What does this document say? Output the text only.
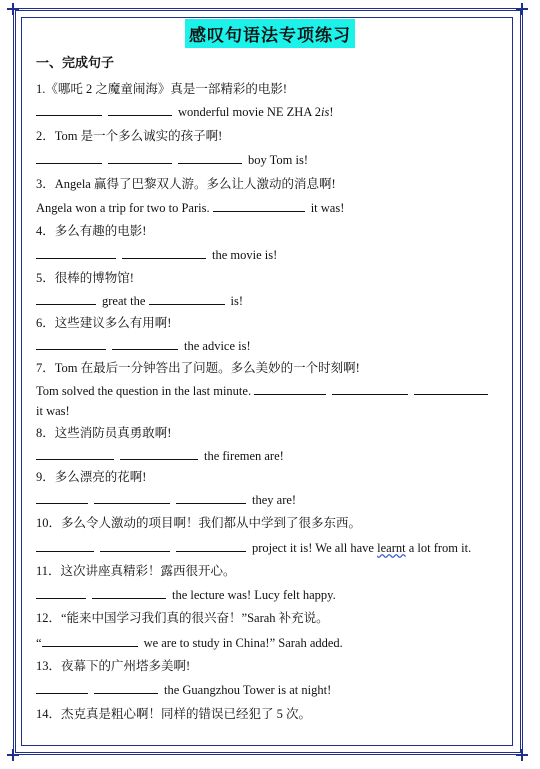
感叹句语法专项练习
一、完成句子
1.《哪吒 2 之魔童闹海》真是一部精彩的电影!
wonderful movie NE ZHA 2is!
2．Tom 是一个多么诚实的孩子啊!
boy Tom is!
3．Angela 赢得了巴黎双人游。多么让人激动的消息啊!
Angela won a trip for two to Paris.	it was!
4．多么有趣的电影!
the movie is!
5．很棒的博物馆!
great the	is!
6．这些建议多么有用啊!
the advice is!
7．Tom 在最后一分钟答出了问题。多么美妙的一个时刻啊!
Tom solved the question in the last minute.
it was!
8．这些消防员真勇敢啊!
the firemen are!
9．多么漂亮的花啊!
they are!
10．多么令人激动的项目啊！我们都从中学到了很多东西。
project it is! We all have learnt a lot from it.
11．这次讲座真精彩！露西很开心。
the lecture was! Lucy felt happy.
12．“能来中国学习我们真的很兴奋！”Sarah 补充说。
“	we are to study in China!” Sarah added.
13．夜幕下的广州塔多美啊!
the Guangzhou Tower is at night!
14．杰克真是粗心啊！同样的错误已经犯了 5 次。
